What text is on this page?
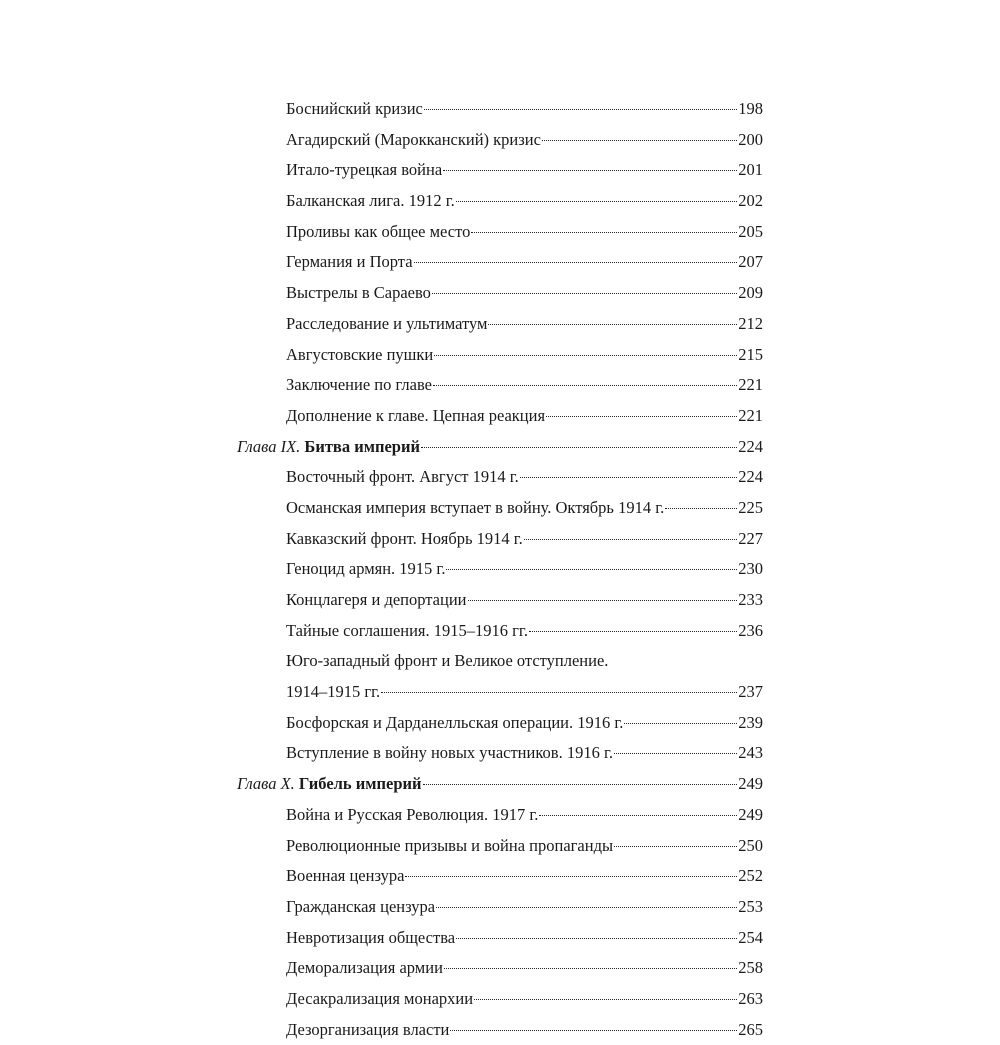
Боснийский кризис	198
Агадирский (Марокканский) кризис	200
Итало-турецкая война	201
Балканская лига. 1912 г.	202
Проливы как общее место	205
Германия и Порта	207
Выстрелы в Сараево	209
Расследование и ультиматум	212
Августовские пушки	215
Заключение по главе	221
Дополнение к главе. Цепная реакция	221
Глава IX. Битва империй	224
Восточный фронт. Август 1914 г.	224
Османская империя вступает в войну. Октябрь 1914 г.	225
Кавказский фронт. Ноябрь 1914 г.	227
Геноцид армян. 1915 г.	230
Концлагеря и депортации	233
Тайные соглашения. 1915–1916 гг.	236
Юго-западный фронт и Великое отступление.
1914–1915 гг.	237
Босфорская и Дарданелльская операции. 1916 г.	239
Вступление в войну новых участников. 1916 г.	243
Глава X. Гибель империй	249
Война и Русская Революция. 1917 г.	249
Революционные призывы и война пропаганды	250
Военная цензура	252
Гражданская цензура	253
Невротизация общества	254
Деморализация армии	258
Десакрализация монархии	263
Дезорганизация власти	265
